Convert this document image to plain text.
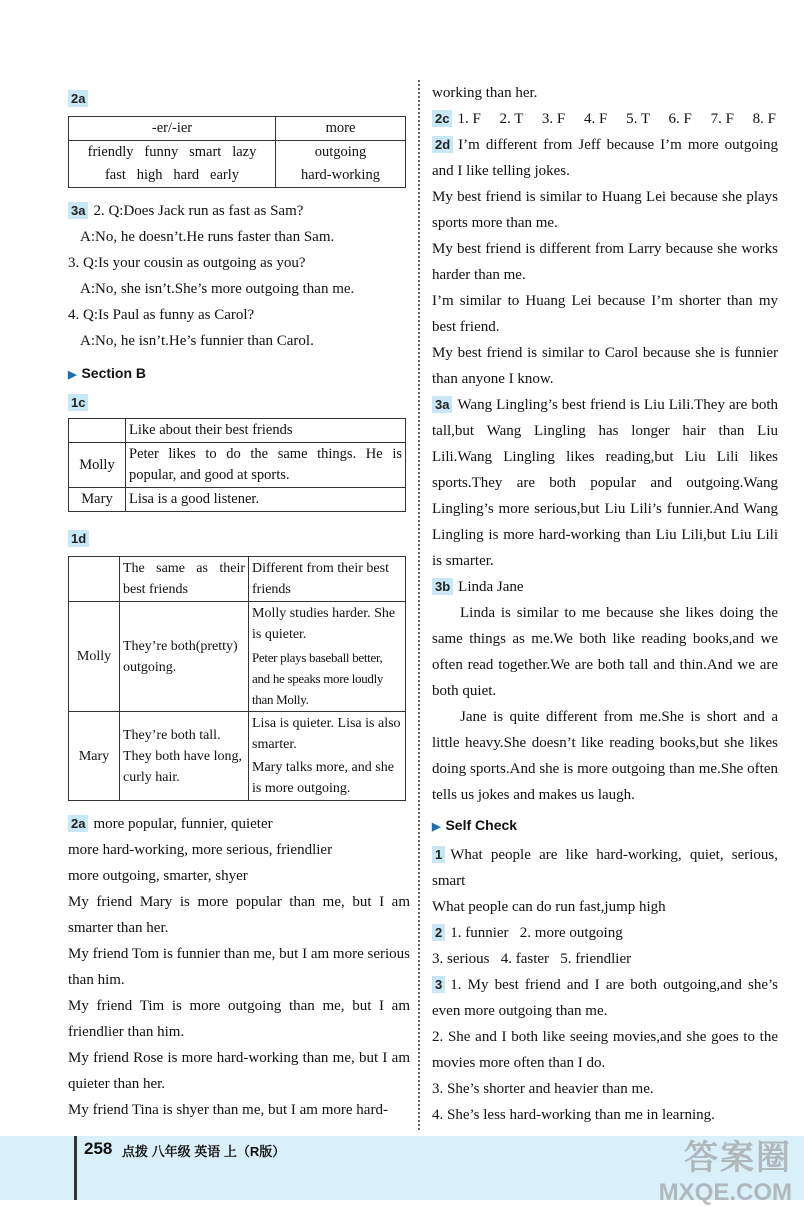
2a
-er/-ier	more
friendly   funny   smart   lazy	outgoing
fast   high   hard   early	hard-working

3a 2. Q:Does Jack run as fast as Sam?

A:No, he doesn’t.He runs faster than Sam.

3. Q:Is your cousin as outgoing as you?

A:No, she isn’t.She’s more outgoing than me.

4. Q:Is Paul as funny as Carol?

A:No, he isn’t.He’s funnier than Carol.

▶ Section B
1c
	Like about their best friends
Molly	Peter likes to do the same things. He is popular, and good at sports.
Mary	Lisa is a good listener.
1d
	The same as their best friends	Different from their best friends
Molly	They’re both(pretty) outgoing.	Molly studies harder. She is quieter.
		Peter plays baseball better, and he speaks more loudly than Molly.
Mary	They’re both tall. They both have long, curly hair.	Lisa is quieter. Lisa is also smarter.
		Mary talks more, and she is more outgoing.

2a more popular, funnier, quieter

more hard-working, more serious, friendlier

more outgoing, smarter, shyer

My friend Mary is more popular than me, but I am smarter than her.

My friend Tom is funnier than me, but I am more serious than him.

My friend Tim is more outgoing than me, but I am friendlier than him.

My friend Rose is more hard-working than me, but I am quieter than her.

My friend Tina is shyer than me, but I am more hard-

working than her.

2c 1. F     2. T     3. F     4. F     5. T     6. F     7. F     8. F

2d I’m different from Jeff because I’m more outgoing and I like telling jokes.

My best friend is similar to Huang Lei because she plays sports more than me.

My best friend is different from Larry because she works harder than me.

I’m similar to Huang Lei because I’m shorter than my best friend.

My best friend is similar to Carol because she is funnier than anyone I know.

3a Wang Lingling’s best friend is Liu Lili.They are both tall,but Wang Lingling has longer hair than Liu Lili.Wang Lingling likes reading,but Liu Lili likes sports.They are both popular and outgoing.Wang Lingling’s more serious,but Liu Lili’s funnier.And Wang Lingling is more hard-working than Liu Lili,but Liu Lili is smarter.

3b Linda Jane

Linda is similar to me because she likes doing the same things as me.We both like reading books,and we often read together.We are both tall and thin.And we are both quiet.

Jane is quite different from me.She is short and a little heavy.She doesn’t like reading books,but she likes doing sports.And she is more outgoing than me.She often tells us jokes and makes us laugh.

▶ Self Check

1 What people are like hard-working, quiet, serious, smart

What people can do run fast,jump high

2 1. funnier   2. more outgoing

3. serious   4. faster   5. friendlier

3 1. My best friend and I are both outgoing,and she’s even more outgoing than me.

2. She and I both like seeing movies,and she goes to the movies more often than I do.

3. She’s shorter and heavier than me.

4. She’s less hard-working than me in learning.

258 点拨 八年级 英语 上（R版）	答案圈
MXQE.COM
